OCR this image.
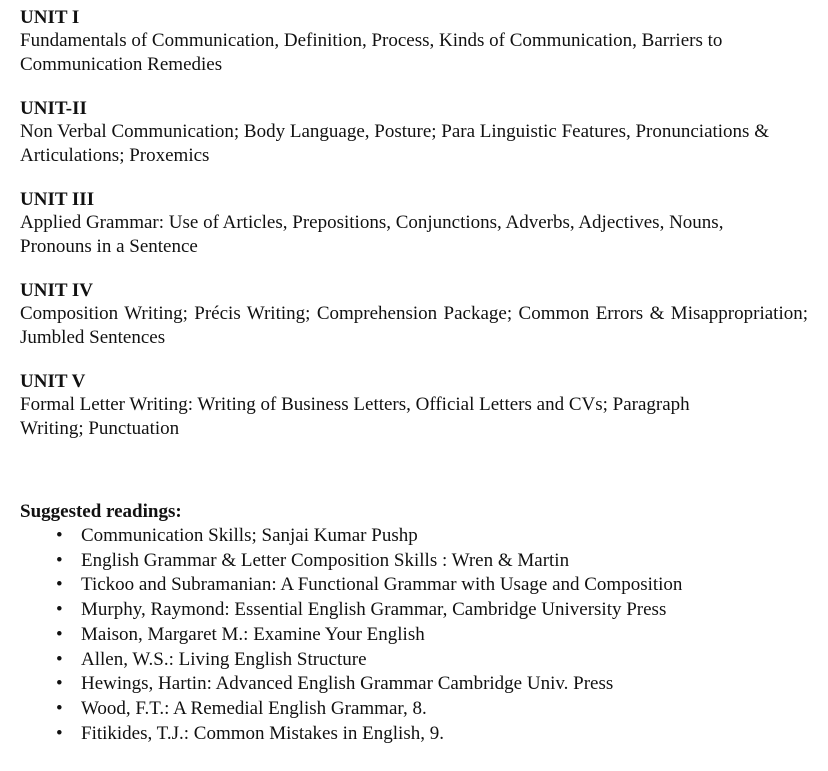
UNIT I
Fundamentals of Communication, Definition, Process, Kinds of Communication, Barriers to Communication Remedies
UNIT-II
Non Verbal Communication; Body Language, Posture; Para Linguistic Features, Pronunciations & Articulations; Proxemics
UNIT III
Applied Grammar: Use of Articles, Prepositions, Conjunctions, Adverbs, Adjectives, Nouns, Pronouns in a Sentence
UNIT IV
Composition Writing; Précis Writing; Comprehension Package; Common Errors & Misappropriation; Jumbled Sentences
UNIT V
Formal Letter Writing: Writing of Business Letters, Official Letters and CVs; Paragraph Writing; Punctuation
Suggested readings:
• Communication Skills; Sanjai Kumar Pushp
• English Grammar & Letter Composition Skills : Wren & Martin
• Tickoo and Subramanian: A Functional Grammar with Usage and Composition
• Murphy, Raymond: Essential English Grammar, Cambridge University Press
• Maison, Margaret M.: Examine Your English
• Allen, W.S.: Living English Structure
• Hewings, Hartin: Advanced English Grammar Cambridge Univ. Press
• Wood, F.T.: A Remedial English Grammar, 8.
• Fitikides, T.J.: Common Mistakes in English, 9.
